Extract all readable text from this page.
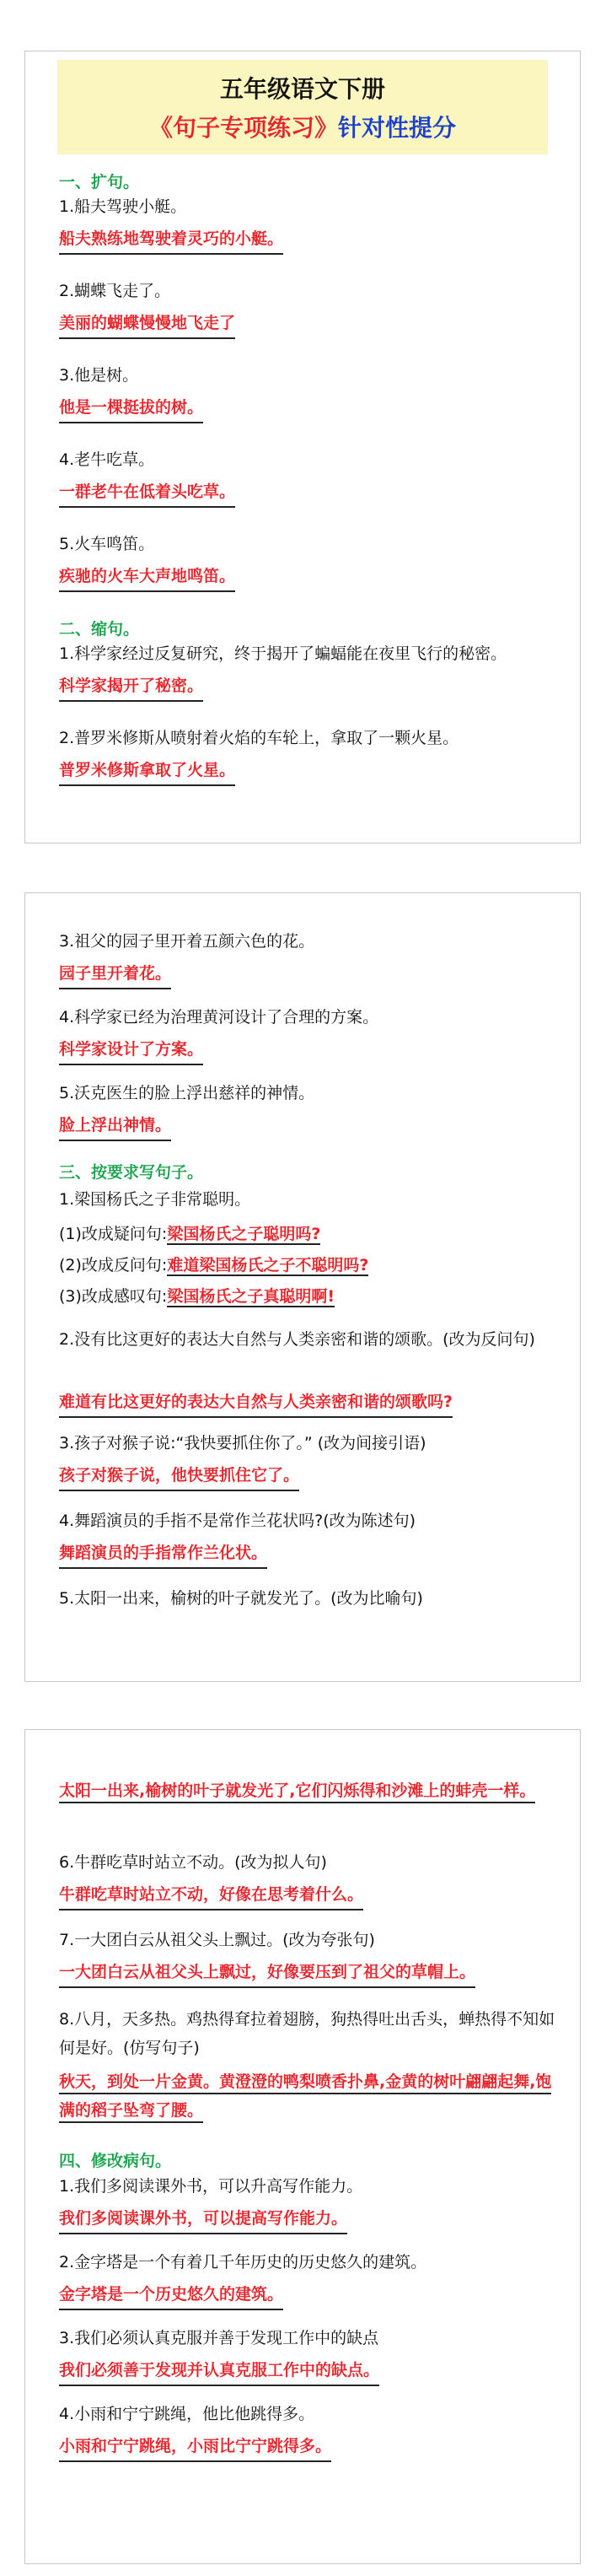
五年级语文下册
《句子专项练习》针对性提分
一、扩句。
1.船夫驾驶小艇。
船夫熟练地驾驶着灵巧的小艇。
2.蝴蝶飞走了。
美丽的蝴蝶慢慢地飞走了
3.他是树。
他是一棵挺拔的树。
4.老牛吃草。
一群老牛在低着头吃草。
5.火车鸣笛。
疾驰的火车大声地鸣笛。
二、缩句。
1.科学家经过反复研究，终于揭开了蝙蝠能在夜里飞行的秘密。
科学家揭开了秘密。
2.普罗米修斯从喷射着火焰的车轮上，拿取了一颗火星。
普罗米修斯拿取了火星。
3.祖父的园子里开着五颜六色的花。
园子里开着花。
4.科学家已经为治理黄河设计了合理的方案。
科学家设计了方案。
5.沃克医生的脸上浮出慈祥的神情。
脸上浮出神情。
三、按要求写句子。
1.梁国杨氏之子非常聪明。
(1)改成疑问句:梁国杨氏之子聪明吗?
(2)改成反问句:难道梁国杨氏之子不聪明吗?
(3)改成感叹句:梁国杨氏之子真聪明啊!
2.没有比这更好的表达大自然与人类亲密和谐的颂歌。(改为反问句)
难道有比这更好的表达大自然与人类亲密和谐的颂歌吗?
3.孩子对猴子说:“我快要抓住你了。” (改为间接引语)
孩子对猴子说，他快要抓住它了。
4.舞蹈演员的手指不是常作兰花状吗?(改为陈述句)
舞蹈演员的手指常作兰化状。
5.太阳一出来，榆树的叶子就发光了。(改为比喻句)
太阳一出来,榆树的叶子就发光了,它们闪烁得和沙滩上的蚌壳一样。
6.牛群吃草时站立不动。(改为拟人句)
牛群吃草时站立不动，好像在思考着什么。
7.一大团白云从祖父头上飘过。(改为夸张句)
一大团白云从祖父头上飘过，好像要压到了祖父的草帽上。
8.八月，天多热。鸡热得耷拉着翅膀，狗热得吐出舌头，蝉热得不知如何是好。(仿写句子)
秋天，到处一片金黄。黄澄澄的鸭梨喷香扑鼻,金黄的树叶翩翩起舞,饱满的稻子坠弯了腰。
四、修改病句。
1.我们多阅读课外书，可以升高写作能力。
我们多阅读课外书，可以提高写作能力。
2.金字塔是一个有着几千年历史的历史悠久的建筑。
金字塔是一个历史悠久的建筑。
3.我们必须认真克服并善于发现工作中的缺点
我们必须善于发现并认真克服工作中的缺点。
4.小雨和宁宁跳绳，他比他跳得多。
小雨和宁宁跳绳，小雨比宁宁跳得多。
